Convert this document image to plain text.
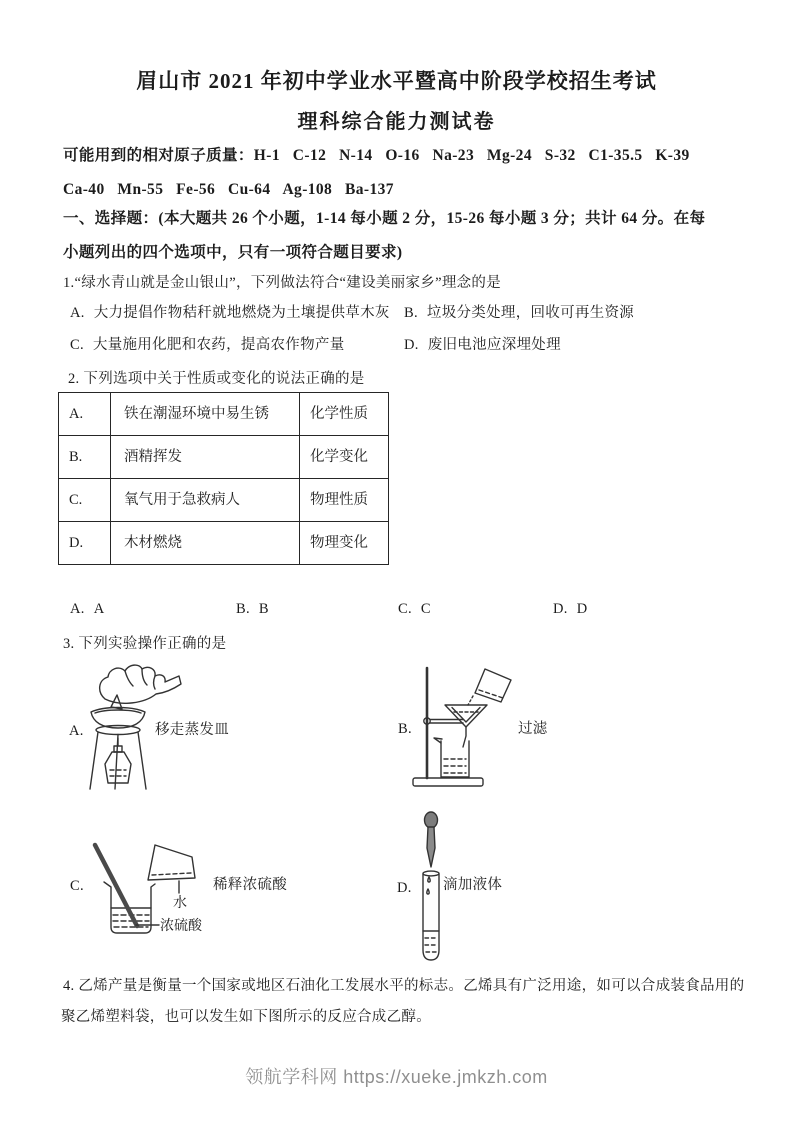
眉山市 2021 年初中学业水平暨高中阶段学校招生考试
理科综合能力测试卷
可能用到的相对原子质量：H-1   C-12   N-14   O-16   Na-23   Mg-24   S-32   C1-35.5   K-39
Ca-40   Mn-55   Fe-56   Cu-64   Ag-108   Ba-137
一、选择题：(本大题共 26 个小题，1-14 每小题 2 分，15-26 每小题 3 分；共计 64 分。在每
小题列出的四个选项中，只有一项符合题目要求)
1.“绿水青山就是金山银山”，下列做法符合“建设美丽家乡”理念的是
A. 大力提倡作物秸秆就地燃烧为土壤提供草木灰 B. 垃圾分类处理，回收可再生资源
C. 大量施用化肥和农药，提高农作物产量	D. 废旧电池应深埋处理
2. 下列选项中关于性质或变化的说法正确的是
A.	铁在潮湿环境中易生锈	化学性质
B.	酒精挥发	化学变化
C.	氧气用于急救病人	物理性质
D.	木材燃烧	物理变化
A. A	B. B	C. C	D. D
3. 下列实验操作正确的是
A.	移走蒸发皿	B.	过滤
水
浓硫酸
C.	稀释浓硫酸	D. 滴加液体
4. 乙烯产量是衡量一个国家或地区石油化工发展水平的标志。乙烯具有广泛用途，如可以合成装食品用的
聚乙烯塑料袋，也可以发生如下图所示的反应合成乙醇。
领航学科网 https://xueke.jmkzh.com
